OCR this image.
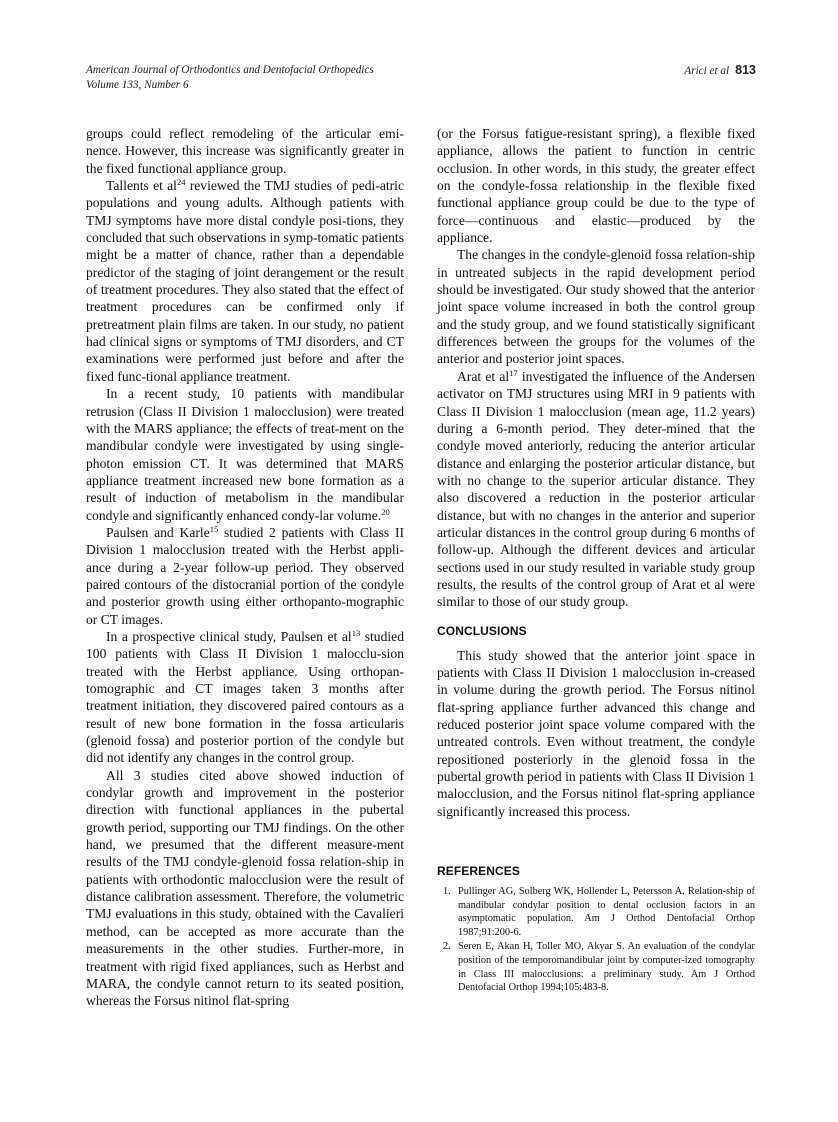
American Journal of Orthodontics and Dentofacial Orthopedics
Volume 133, Number 6
Arici et al 813

groups could reflect remodeling of the articular emi-nence. However, this increase was significantly greater in the fixed functional appliance group.

Tallents et $al^{24}$ reviewed the TMJ studies of pedi-atric populations and young adults. Although patients with TMJ symptoms have more distal condyle posi-tions, they concluded that such observations in symp-tomatic patients might be a matter of chance, rather than a dependable predictor of the staging of joint derangement or the result of treatment procedures. They also stated that the effect of treatment procedures can be confirmed only if pretreatment plain films are taken. In our study, no patient had clinical signs or symptoms of TMJ disorders, and CT examinations were performed just before and after the fixed func-tional appliance treatment.

In a recent study, 10 patients with mandibular retrusion (Class II Division 1 malocclusion) were treated with the MARS appliance; the effects of treat-ment on the mandibular condyle were investigated by using single-photon emission CT. It was determined that MARS appliance treatment increased new bone formation as a result of induction of metabolism in the mandibular condyle and significantly enhanced condy-lar volume.$^{20}$

Paulsen and Karle$^{15}$ studied 2 patients with Class II Division 1 malocclusion treated with the Herbst appli-ance during a 2-year follow-up period. They observed paired contours of the distocranial portion of the condyle and posterior growth using either orthopanto-mographic or CT images.

In a prospective clinical study, Paulsen et $al^{13}$ studied 100 patients with Class II Division 1 malocclu-sion treated with the Herbst appliance. Using orthopan-tomographic and CT images taken 3 months after treatment initiation, they discovered paired contours as a result of new bone formation in the fossa articularis (glenoid fossa) and posterior portion of the condyle but did not identify any changes in the control group.

All 3 studies cited above showed induction of condylar growth and improvement in the posterior direction with functional appliances in the pubertal growth period, supporting our TMJ findings. On the other hand, we presumed that the different measure-ment results of the TMJ condyle-glenoid fossa relation-ship in patients with orthodontic malocclusion were the result of distance calibration assessment. Therefore, the volumetric TMJ evaluations in this study, obtained with the Cavalieri method, can be accepted as more accurate than the measurements in the other studies. Further-more, in treatment with rigid fixed appliances, such as Herbst and MARA, the condyle cannot return to its seated position, whereas the Forsus nitinol flat-spring

(or the Forsus fatigue-resistant spring), a flexible fixed appliance, allows the patient to function in centric occlusion. In other words, in this study, the greater effect on the condyle-fossa relationship in the flexible fixed functional appliance group could be due to the type of force—continuous and elastic—produced by the appliance.

The changes in the condyle-glenoid fossa relation-ship in untreated subjects in the rapid development period should be investigated. Our study showed that the anterior joint space volume increased in both the control group and the study group, and we found statistically significant differences between the groups for the volumes of the anterior and posterior joint spaces.

Arat et $al^{17}$ investigated the influence of the Andersen activator on TMJ structures using MRI in 9 patients with Class II Division 1 malocclusion (mean age, 11.2 years) during a 6-month period. They deter-mined that the condyle moved anteriorly, reducing the anterior articular distance and enlarging the posterior articular distance, but with no change to the superior articular distance. They also discovered a reduction in the posterior articular distance, but with no changes in the anterior and superior articular distances in the control group during 6 months of follow-up. Although the different devices and articular sections used in our study resulted in variable study group results, the results of the control group of Arat et al were similar to those of our study group.

CONCLUSIONS

This study showed that the anterior joint space in patients with Class II Division 1 malocclusion in-creased in volume during the growth period. The Forsus nitinol flat-spring appliance further advanced this change and reduced posterior joint space volume compared with the untreated controls. Even without treatment, the condyle repositioned posteriorly in the glenoid fossa in the pubertal growth period in patients with Class II Division 1 malocclusion, and the Forsus nitinol flat-spring appliance significantly increased this process.

REFERENCES
1. Pullinger AG, Solberg WK, Hollender L, Petersson A. Relation-ship of mandibular condylar position to dental occlusion factors in an asymptomatic population. Am J Orthod Dentofacial Orthop 1987;91:200-6.
2. Seren E, Akan H, Toller MO, Akyar S. An evaluation of the condylar position of the temporomandibular joint by computer-ized tomography in Class III malocclusions: a preliminary study. Am J Orthod Dentofacial Orthop 1994;105:483-8.
